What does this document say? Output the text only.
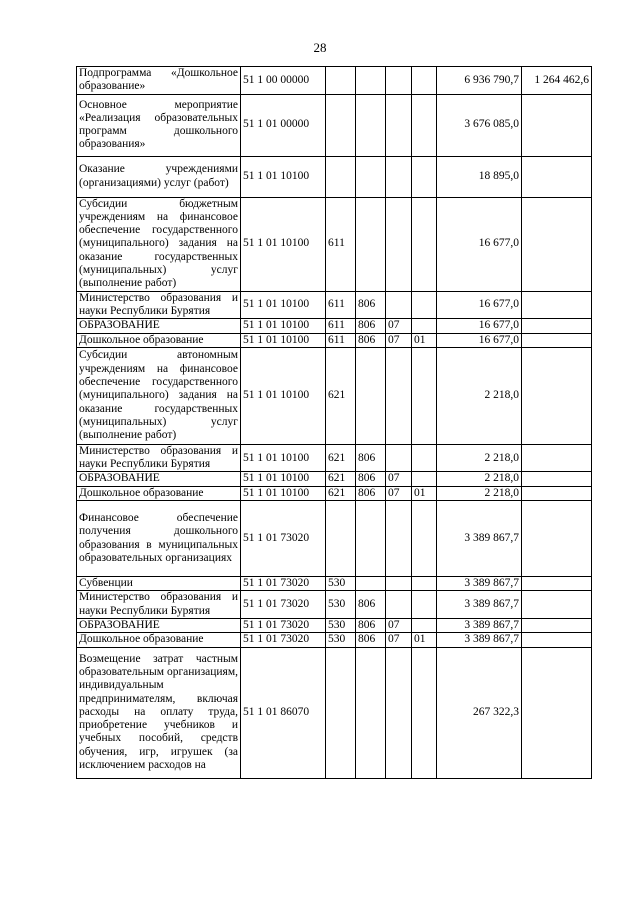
28
Подпрограмма «Дошкольное образование»	51 1 00 00000					6 936 790,7	1 264 462,6
Основное мероприятие «Реализация образовательных программ дошкольного образования»	51 1 01 00000					3 676 085,0	
Оказание учреждениями (организациями) услуг (работ)	51 1 01 10100					18 895,0	
Субсидии бюджетным учреждениям на финансовое обеспечение государственного (муниципального) задания на оказание государственных (муниципальных) услуг (выполнение работ)	51 1 01 10100	611				16 677,0	
Министерство образования и науки Республики Бурятия	51 1 01 10100	611	806			16 677,0	
ОБРАЗОВАНИЕ	51 1 01 10100	611	806	07		16 677,0	
Дошкольное образование	51 1 01 10100	611	806	07	01	16 677,0	
Субсидии автономным учреждениям на финансовое обеспечение государственного (муниципального) задания на оказание государственных (муниципальных) услуг (выполнение работ)	51 1 01 10100	621				2 218,0	
Министерство образования и науки Республики Бурятия	51 1 01 10100	621	806			2 218,0	
ОБРАЗОВАНИЕ	51 1 01 10100	621	806	07		2 218,0	
Дошкольное образование	51 1 01 10100	621	806	07	01	2 218,0	
Финансовое обеспечение получения дошкольного образования в муниципальных образовательных организациях	51 1 01 73020					3 389 867,7	
Субвенции	51 1 01 73020	530				3 389 867,7	
Министерство образования и науки Республики Бурятия	51 1 01 73020	530	806			3 389 867,7	
ОБРАЗОВАНИЕ	51 1 01 73020	530	806	07		3 389 867,7	
Дошкольное образование	51 1 01 73020	530	806	07	01	3 389 867,7	
Возмещение затрат частным образовательным организациям, индивидуальным предпринимателям, включая расходы на оплату труда, приобретение учебников и учебных пособий, средств обучения, игр, игрушек (за исключением расходов на	51 1 01 86070					267 322,3	
